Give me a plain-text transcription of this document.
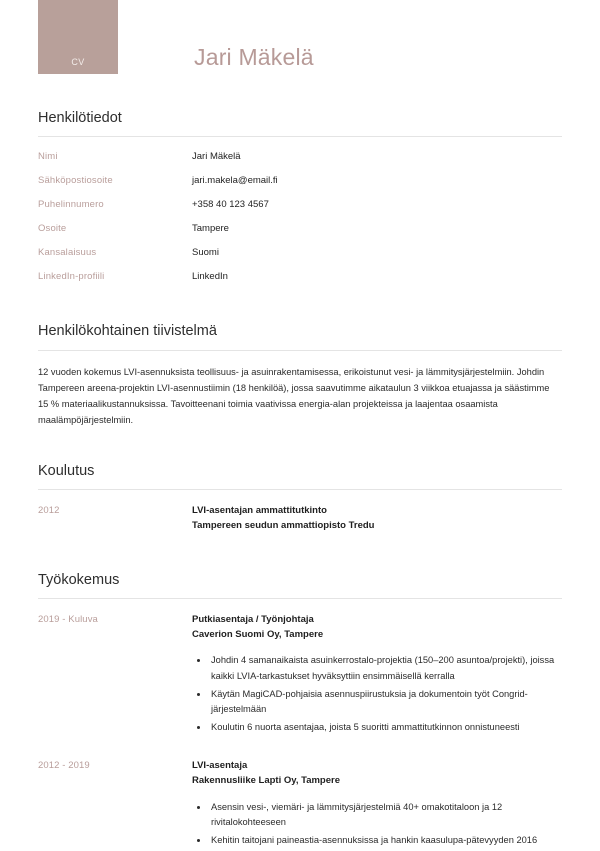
CV	Jari Mäkelä
Henkilötiedot
Nimi	Jari Mäkelä
Sähköpostiosoite	jari.makela@email.fi
Puhelinnumero	+358 40 123 4567
Osoite	Tampere
Kansalaisuus	Suomi
LinkedIn-profiili	LinkedIn
Henkilökohtainen tiivistelmä

12 vuoden kokemus LVI-asennuksista teollisuus- ja asuinrakentamisessa, erikoistunut vesi- ja lämmitysjärjestelmiin. Johdin Tampereen areena-projektin LVI-asennustiimin (18 henkilöä), jossa saavutimme aikataulun 3 viikkoa etuajassa ja säästimme 15 % materiaalikustannuksissa. Tavoitteenani toimia vaativissa energia-alan projekteissa ja laajentaa osaamista maalämpöjärjestelmiin.

Koulutus
2012	LVI-asentajan ammattitutkinto
Tampereen seudun ammattiopisto Tredu
Työkokemus
2019 - Kuluva	Putkiasentaja / Työnjohtaja
Caverion Suomi Oy, Tampere
• Johdin 4 samanaikaista asuinkerrostalo-projektia (150–200 asuntoa/projekti), joissa kaikki LVIA-tarkastukset hyväksyttiin ensimmäisellä kerralla
• Käytän MagiCAD-pohjaisia asennuspiirustuksia ja dokumentoin työt Congrid-järjestelmään
• Koulutin 6 nuorta asentajaa, joista 5 suoritti ammattitutkinnon onnistuneesti
2012 - 2019	LVI-asentaja
Rakennusliike Lapti Oy, Tampere
• Asensin vesi-, viemäri- ja lämmitysjärjestelmiä 40+ omakotitaloon ja 12 rivitalokohteeseen
• Kehitin taitojani paineastia-asennuksissa ja hankin kaasulupa-pätevyyden 2016
